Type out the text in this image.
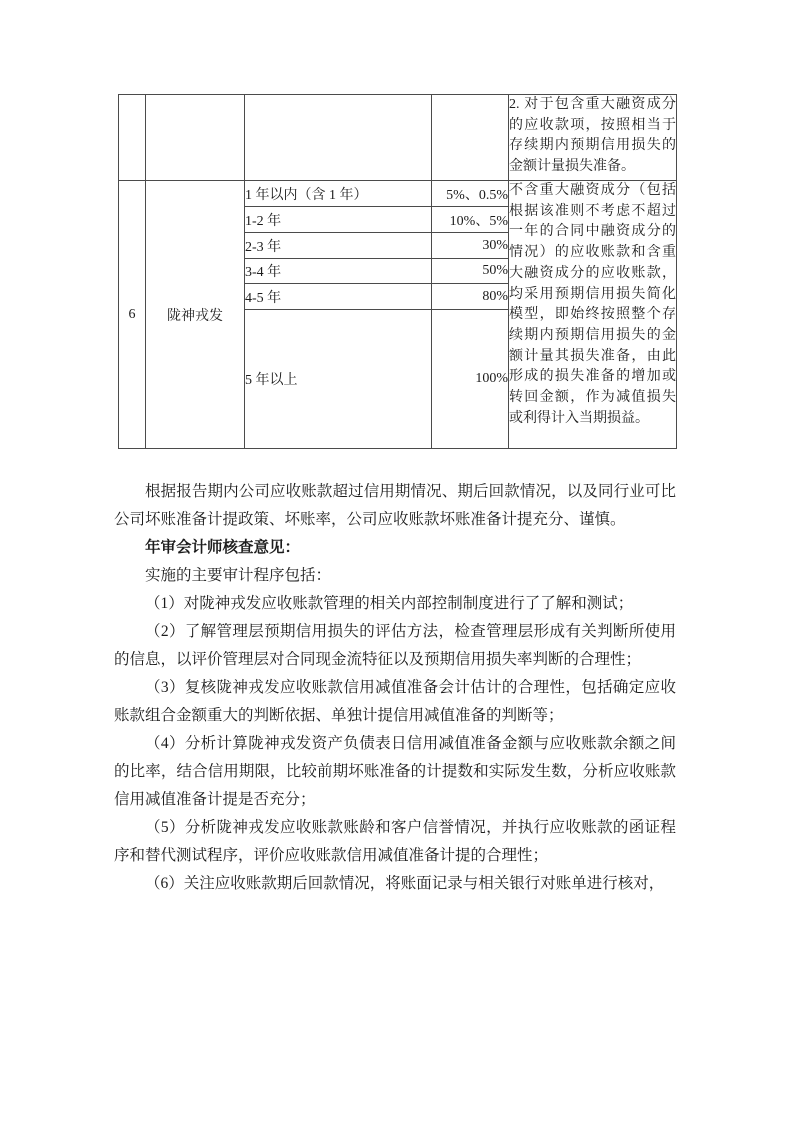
				2. 对于包含重大融资成分的应收款项，按照相当于存续期内预期信用损失的金额计量损失准备。
6	陇神戎发	1 年以内（含 1 年）	5%、0.5%	不含重大融资成分（包括根据该准则不考虑不超过一年的合同中融资成分的情况）的应收账款和含重大融资成分的应收账款，均采用预期信用损失简化模型，即始终按照整个存续期内预期信用损失的金额计量其损失准备，由此形成的损失准备的增加或转回金额，作为减值损失或利得计入当期损益。
		1-2 年	10%、5%	
		2-3 年	30%	
		3-4 年	50%	
		4-5 年	80%	
		5 年以上	100%	

根据报告期内公司应收账款超过信用期情况、期后回款情况，以及同行业可比公司坏账准备计提政策、坏账率，公司应收账款坏账准备计提充分、谨慎。

年审会计师核查意见：

实施的主要审计程序包括：

（1）对陇神戎发应收账款管理的相关内部控制制度进行了了解和测试；

（2）了解管理层预期信用损失的评估方法，检查管理层形成有关判断所使用的信息，以评价管理层对合同现金流特征以及预期信用损失率判断的合理性；

（3）复核陇神戎发应收账款信用减值准备会计估计的合理性，包括确定应收账款组合金额重大的判断依据、单独计提信用减值准备的判断等；

（4）分析计算陇神戎发资产负债表日信用减值准备金额与应收账款余额之间的比率，结合信用期限，比较前期坏账准备的计提数和实际发生数，分析应收账款信用减值准备计提是否充分；

（5）分析陇神戎发应收账款账龄和客户信誉情况，并执行应收账款的函证程序和替代测试程序，评价应收账款信用减值准备计提的合理性；

（6）关注应收账款期后回款情况，将账面记录与相关银行对账单进行核对，
